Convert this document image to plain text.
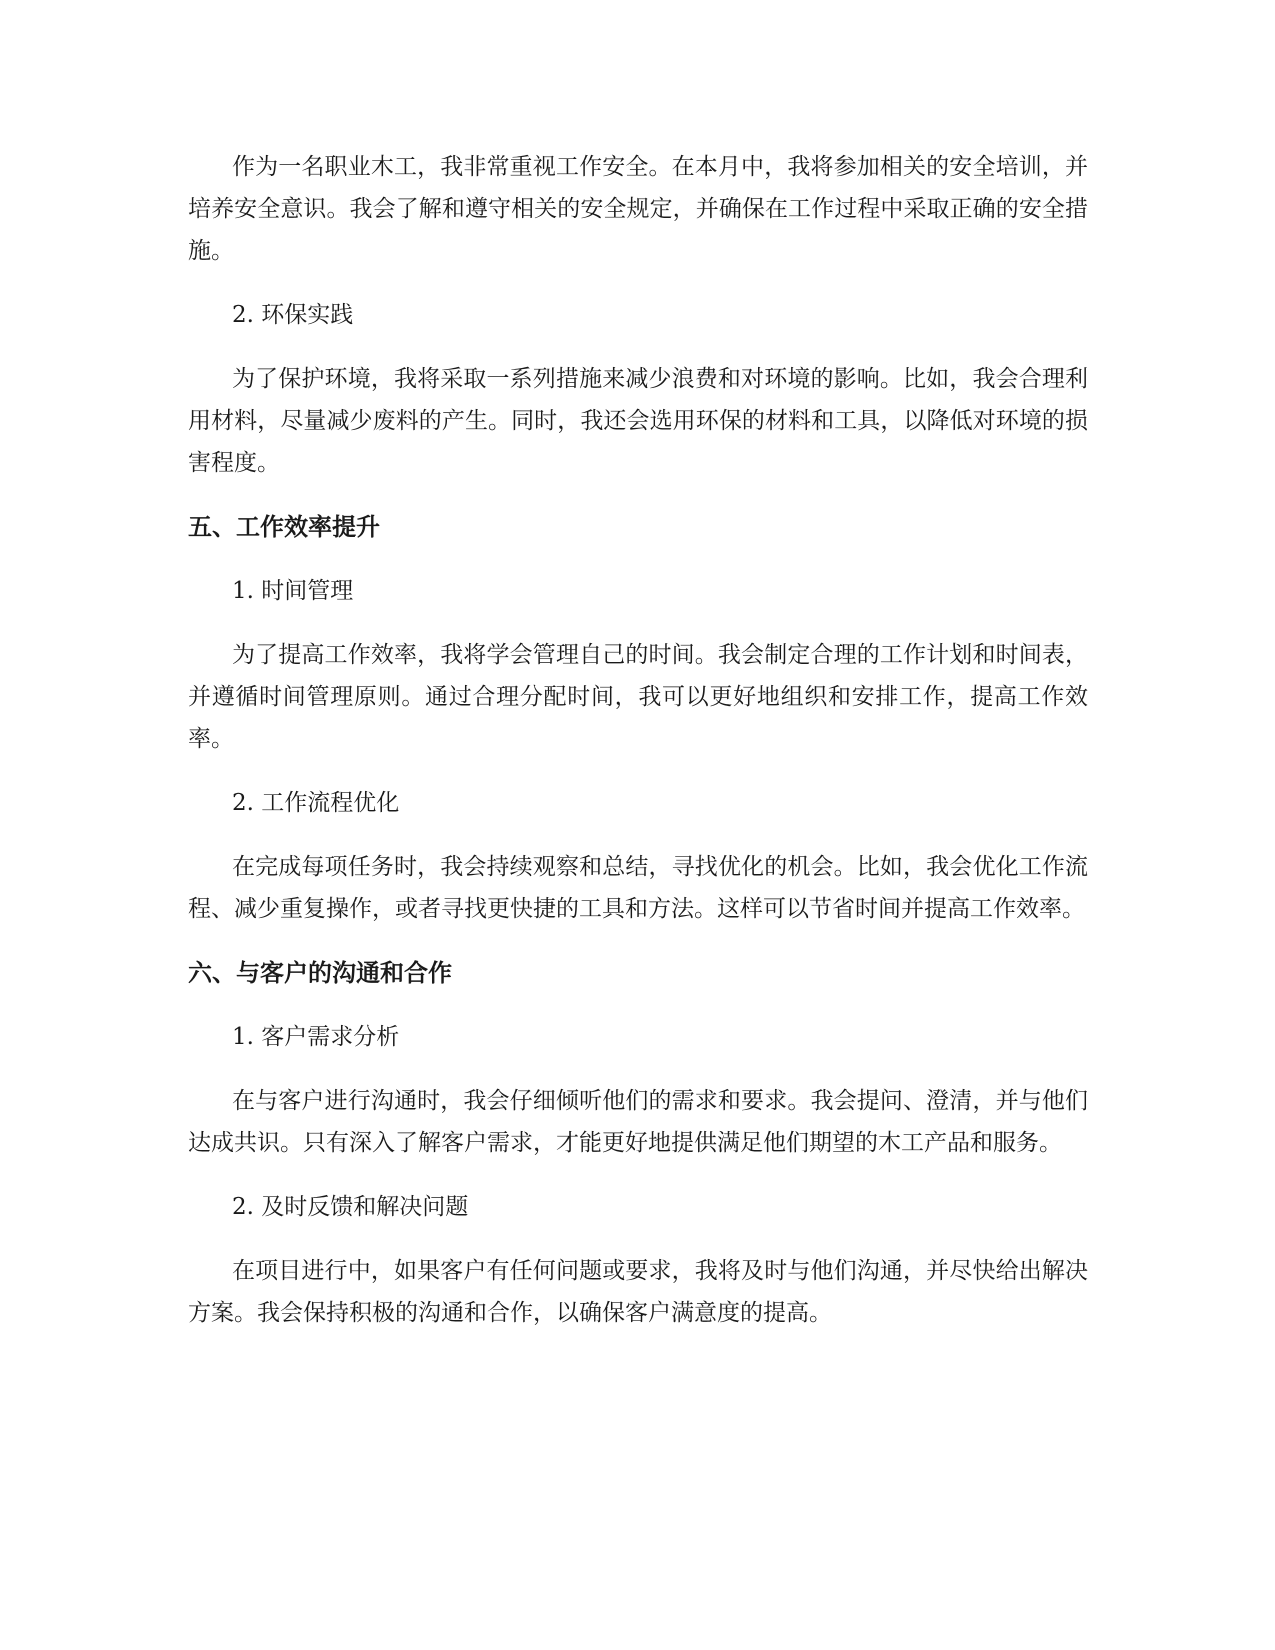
作为一名职业木工，我非常重视工作安全。在本月中，我将参加相关的安全培训，并培养安全意识。我会了解和遵守相关的安全规定，并确保在工作过程中采取正确的安全措施。

2. 环保实践

为了保护环境，我将采取一系列措施来减少浪费和对环境的影响。比如，我会合理利用材料，尽量减少废料的产生。同时，我还会选用环保的材料和工具，以降低对环境的损害程度。

五、工作效率提升

1. 时间管理

为了提高工作效率，我将学会管理自己的时间。我会制定合理的工作计划和时间表，并遵循时间管理原则。通过合理分配时间，我可以更好地组织和安排工作，提高工作效率。

2. 工作流程优化

在完成每项任务时，我会持续观察和总结，寻找优化的机会。比如，我会优化工作流程、减少重复操作，或者寻找更快捷的工具和方法。这样可以节省时间并提高工作效率。

六、与客户的沟通和合作

1. 客户需求分析

在与客户进行沟通时，我会仔细倾听他们的需求和要求。我会提问、澄清，并与他们达成共识。只有深入了解客户需求，才能更好地提供满足他们期望的木工产品和服务。

2. 及时反馈和解决问题

在项目进行中，如果客户有任何问题或要求，我将及时与他们沟通，并尽快给出解决方案。我会保持积极的沟通和合作，以确保客户满意度的提高。
